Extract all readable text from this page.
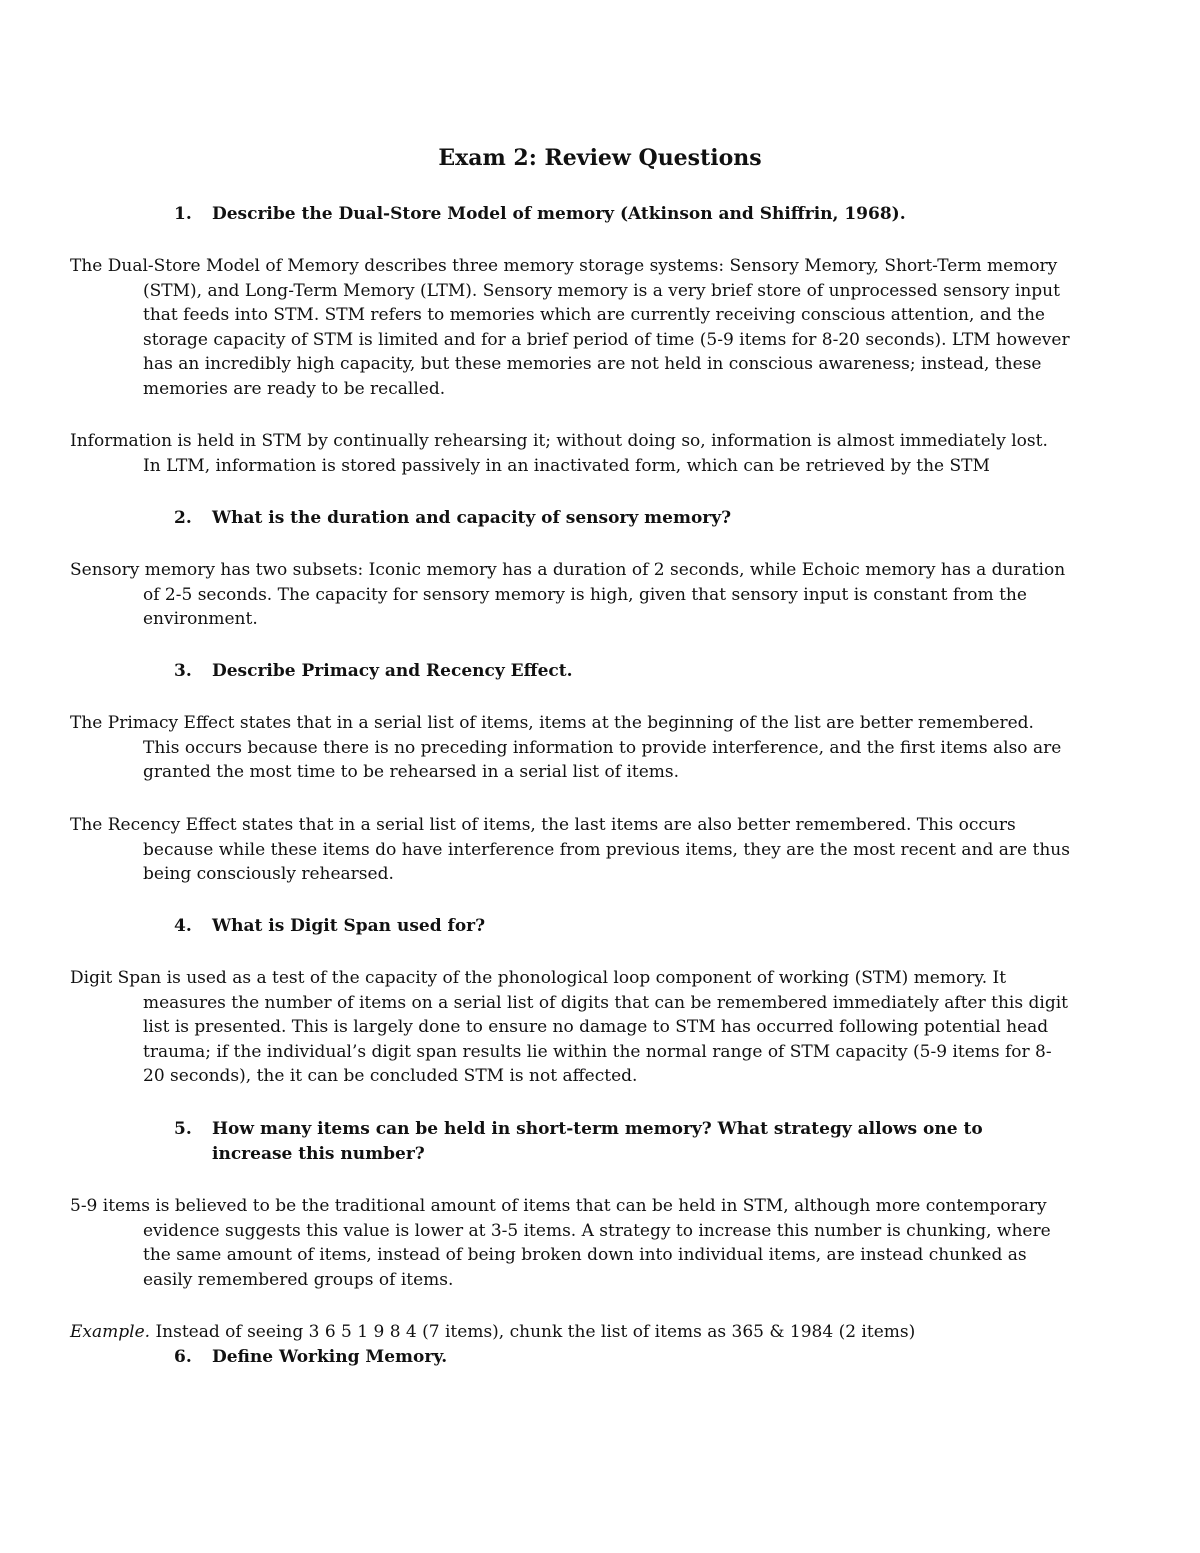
Exam 2: Review Questions
1.	Describe the Dual-Store Model of memory (Atkinson and Shiffrin, 1968).

The Dual-Store Model of Memory describes three memory storage systems: Sensory Memory, Short-Term memory (STM), and Long-Term Memory (LTM). Sensory memory is a very brief store of unprocessed sensory input that feeds into STM. STM refers to memories which are currently receiving conscious attention, and the storage capacity of STM is limited and for a brief period of time (5-9 items for 8-20 seconds). LTM however has an incredibly high capacity, but these memories are not held in conscious awareness; instead, these memories are ready to be recalled.

Information is held in STM by continually rehearsing it; without doing so, information is almost immediately lost. In LTM, information is stored passively in an inactivated form, which can be retrieved by the STM

2.	What is the duration and capacity of sensory memory?

Sensory memory has two subsets: Iconic memory has a duration of 2 seconds, while Echoic memory has a duration of 2-5 seconds. The capacity for sensory memory is high, given that sensory input is constant from the environment.

3.	Describe Primacy and Recency Effect.

The Primacy Effect states that in a serial list of items, items at the beginning of the list are better remembered. This occurs because there is no preceding information to provide interference, and the first items also are granted the most time to be rehearsed in a serial list of items.

The Recency Effect states that in a serial list of items, the last items are also better remembered. This occurs because while these items do have interference from previous items, they are the most recent and are thus being consciously rehearsed.

4.	What is Digit Span used for?

Digit Span is used as a test of the capacity of the phonological loop component of working (STM) memory. It measures the number of items on a serial list of digits that can be remembered immediately after this digit list is presented. This is largely done to ensure no damage to STM has occurred following potential head trauma; if the individual’s digit span results lie within the normal range of STM capacity (5-9 items for 8-20 seconds), the it can be concluded STM is not affected.

5.	How many items can be held in short-term memory? What strategy allows one to increase this number?

5-9 items is believed to be the traditional amount of items that can be held in STM, although more contemporary evidence suggests this value is lower at 3-5 items. A strategy to increase this number is chunking, where the same amount of items, instead of being broken down into individual items, are instead chunked as easily remembered groups of items.

Example. Instead of seeing 3 6 5 1 9 8 4 (7 items), chunk the list of items as 365 & 1984 (2 items)

6.	Define Working Memory.
